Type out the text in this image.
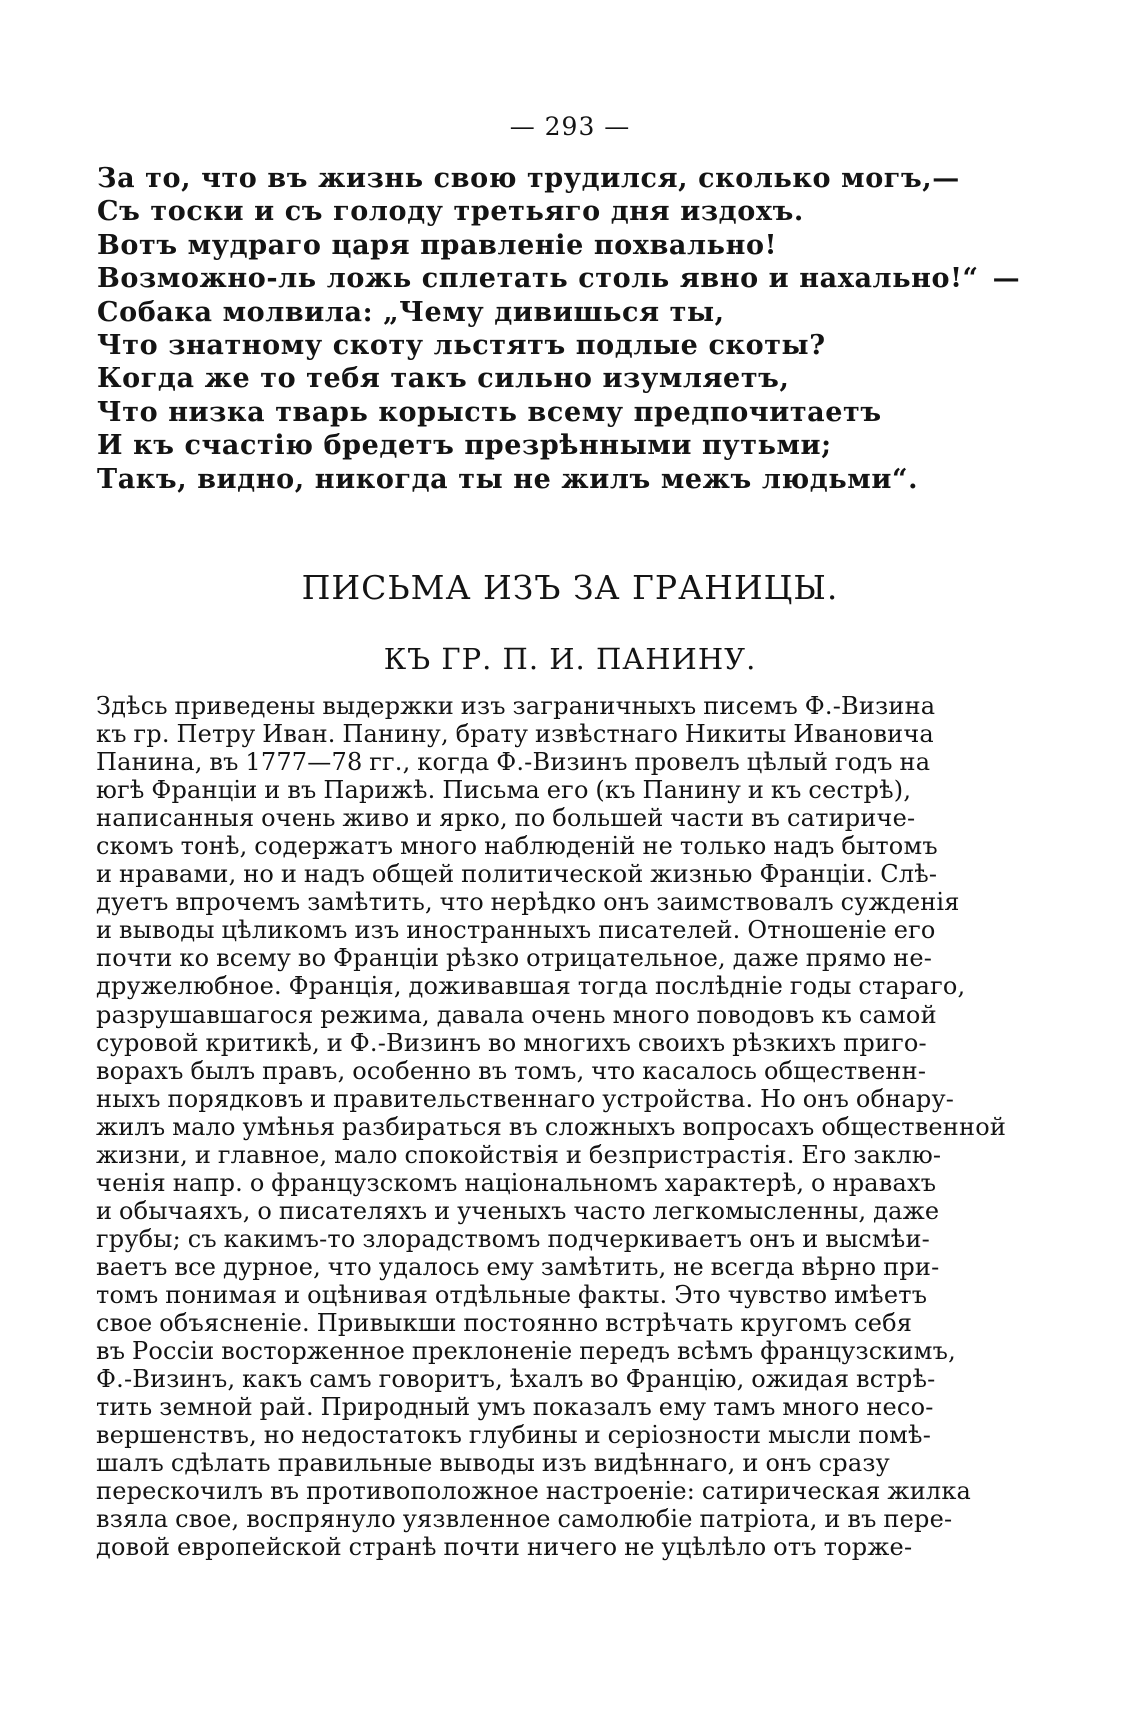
— 293 —
За то, что въ жизнь свою трудился, сколько могъ,—
Съ тоски и съ голоду третьяго дня издохъ.
Вотъ мудраго царя правленіе похвально!
Возможно-ль ложь сплетать столь явно и нахально!“ —
Собака молвила: „Чему дивишься ты,
Что знатному скоту льстятъ подлые скоты?
Когда же то тебя такъ сильно изумляетъ,
Что низка тварь корысть всему предпочитаетъ
И къ счастію бредетъ презрѣнными путьми;
Такъ, видно, никогда ты не жилъ межъ людьми“.
ПИСЬМА ИЗЪ ЗА ГРАНИЦЫ.
КЪ ГР. П. И. ПАНИНУ.
Здѣсь приведены выдержки изъ заграничныхъ писемъ Ф.-Визина
къ гр. Петру Иван. Панину, брату извѣстнаго Никиты Ивановича
Панина, въ 1777—78 гг., когда Ф.-Визинъ провелъ цѣлый годъ на
югѣ Франціи и въ Парижѣ. Письма его (къ Панину и къ сестрѣ),
написанныя очень живо и ярко, по большей части въ сатириче-
скомъ тонѣ, содержатъ много наблюденій не только надъ бытомъ
и нравами, но и надъ общей политической жизнью Франціи. Слѣ-
дуетъ впрочемъ замѣтить, что нерѣдко онъ заимствовалъ сужденія
и выводы цѣликомъ изъ иностранныхъ писателей. Отношеніе его
почти ко всему во Франціи рѣзко отрицательное, даже прямо не-
дружелюбное. Франція, доживавшая тогда послѣдніе годы стараго,
разрушавшагося режима, давала очень много поводовъ къ самой
суровой критикѣ, и Ф.-Визинъ во многихъ своихъ рѣзкихъ приго-
ворахъ былъ правъ, особенно въ томъ, что касалось общественн-
ныхъ порядковъ и правительственнаго устройства. Но онъ обнару-
жилъ мало умѣнья разбираться въ сложныхъ вопросахъ общественной
жизни, и главное, мало спокойствія и безпристрастія. Его заклю-
ченія напр. о французскомъ національномъ характерѣ, о нравахъ
и обычаяхъ, о писателяхъ и ученыхъ часто легкомысленны, даже
грубы; съ какимъ-то злорадствомъ подчеркиваетъ онъ и высмѣи-
ваетъ все дурное, что удалось ему замѣтить, не всегда вѣрно при-
томъ понимая и оцѣнивая отдѣльные факты. Это чувство имѣетъ
свое объясненіе. Привыкши постоянно встрѣчать кругомъ себя
въ Россіи восторженное преклоненіе передъ всѣмъ французскимъ,
Ф.-Визинъ, какъ самъ говоритъ, ѣхалъ во Францію, ожидая встрѣ-
тить земной рай. Природный умъ показалъ ему тамъ много несо-
вершенствъ, но недостатокъ глубины и серіозности мысли помѣ-
шалъ сдѣлать правильные выводы изъ видѣннаго, и онъ сразу
перескочилъ въ противоположное настроеніе: сатирическая жилка
взяла свое, воспрянуло уязвленное самолюбіе патріота, и въ пере-
довой европейской странѣ почти ничего не уцѣлѣло отъ торже-
